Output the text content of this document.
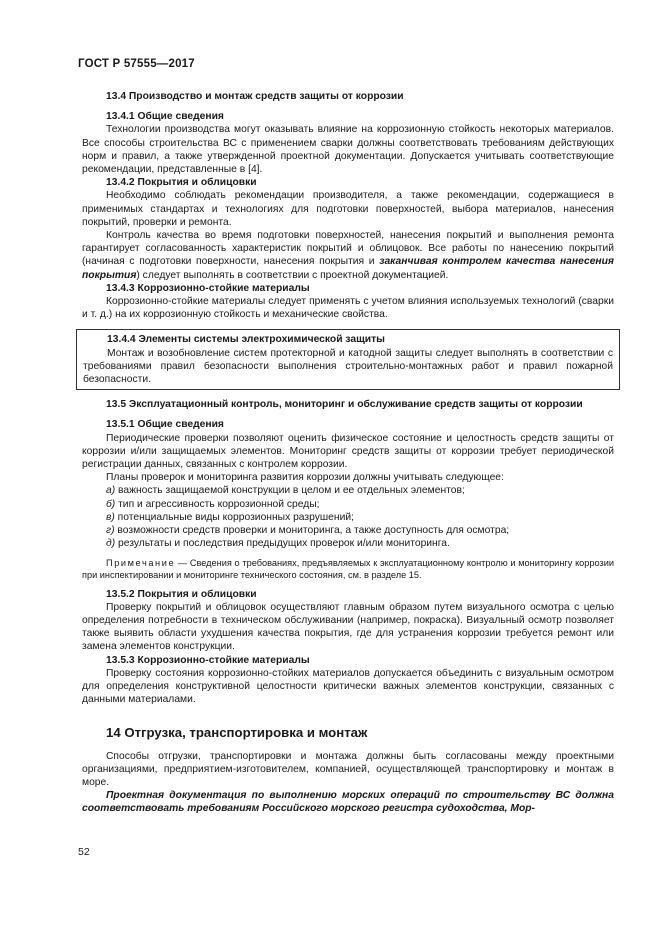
ГОСТ Р 57555—2017

13.4 Производство и монтаж средств защиты от коррозии

13.4.1 Общие сведения

Технологии производства могут оказывать влияние на коррозионную стойкость некоторых материалов. Все способы строительства ВС с применением сварки должны соответствовать требованиям действующих норм и правил, а также утвержденной проектной документации. Допускается учитывать соответствующие рекомендации, представленные в [4].

13.4.2 Покрытия и облицовки

Необходимо соблюдать рекомендации производителя, а также рекомендации, содержащиеся в применимых стандартах и технологиях для подготовки поверхностей, выбора материалов, нанесения покрытий, проверки и ремонта.

Контроль качества во время подготовки поверхностей, нанесения покрытий и выполнения ремонта гарантирует согласованность характеристик покрытий и облицовок. Все работы по нанесению покрытий (начиная с подготовки поверхности, нанесения покрытия и заканчивая контролем качества нанесения покрытия) следует выполнять в соответствии с проектной документацией.

13.4.3 Коррозионно-стойкие материалы

Коррозионно-стойкие материалы следует применять с учетом влияния используемых технологий (сварки и т. д.) на их коррозионную стойкость и механические свойства.

13.4.4 Элементы системы электрохимической защиты

Монтаж и возобновление систем протекторной и катодной защиты следует выполнять в соответствии с требованиями правил безопасности выполнения строительно-монтажных работ и правил пожарной безопасности.

13.5 Эксплуатационный контроль, мониторинг и обслуживание средств защиты от коррозии

13.5.1 Общие сведения

Периодические проверки позволяют оценить физическое состояние и целостность средств защиты от коррозии и/или защищаемых элементов. Мониторинг средств защиты от коррозии требует периодической регистрации данных, связанных с контролем коррозии.

Планы проверок и мониторинга развития коррозии должны учитывать следующее:

а) важность защищаемой конструкции в целом и ее отдельных элементов;

б) тип и агрессивность коррозионной среды;

в) потенциальные виды коррозионных разрушений;

г) возможности средств проверки и мониторинга, а также доступность для осмотра;

д) результаты и последствия предыдущих проверок и/или мониторинга.

Примечание — Сведения о требованиях, предъявляемых к эксплуатационному контролю и мониторингу коррозии при инспектировании и мониторинге технического состояния, см. в разделе 15.

13.5.2 Покрытия и облицовки

Проверку покрытий и облицовок осуществляют главным образом путем визуального осмотра с целью определения потребности в техническом обслуживании (например, покраска). Визуальный осмотр позволяет также выявить области ухудшения качества покрытия, где для устранения коррозии требуется ремонт или замена элементов конструкции.

13.5.3 Коррозионно-стойкие материалы

Проверку состояния коррозионно-стойких материалов допускается объединить с визуальным осмотром для определения конструктивной целостности критически важных элементов конструкции, связанных с данными материалами.

14 Отгрузка, транспортировка и монтаж

Способы отгрузки, транспортировки и монтажа должны быть согласованы между проектными организациями, предприятием-изготовителем, компанией, осуществляющей транспортировку и монтаж в море.

Проектная документация по выполнению морских операций по строительству ВС должна соответствовать требованиям Российского морского регистра судоходства, Мор-

52
